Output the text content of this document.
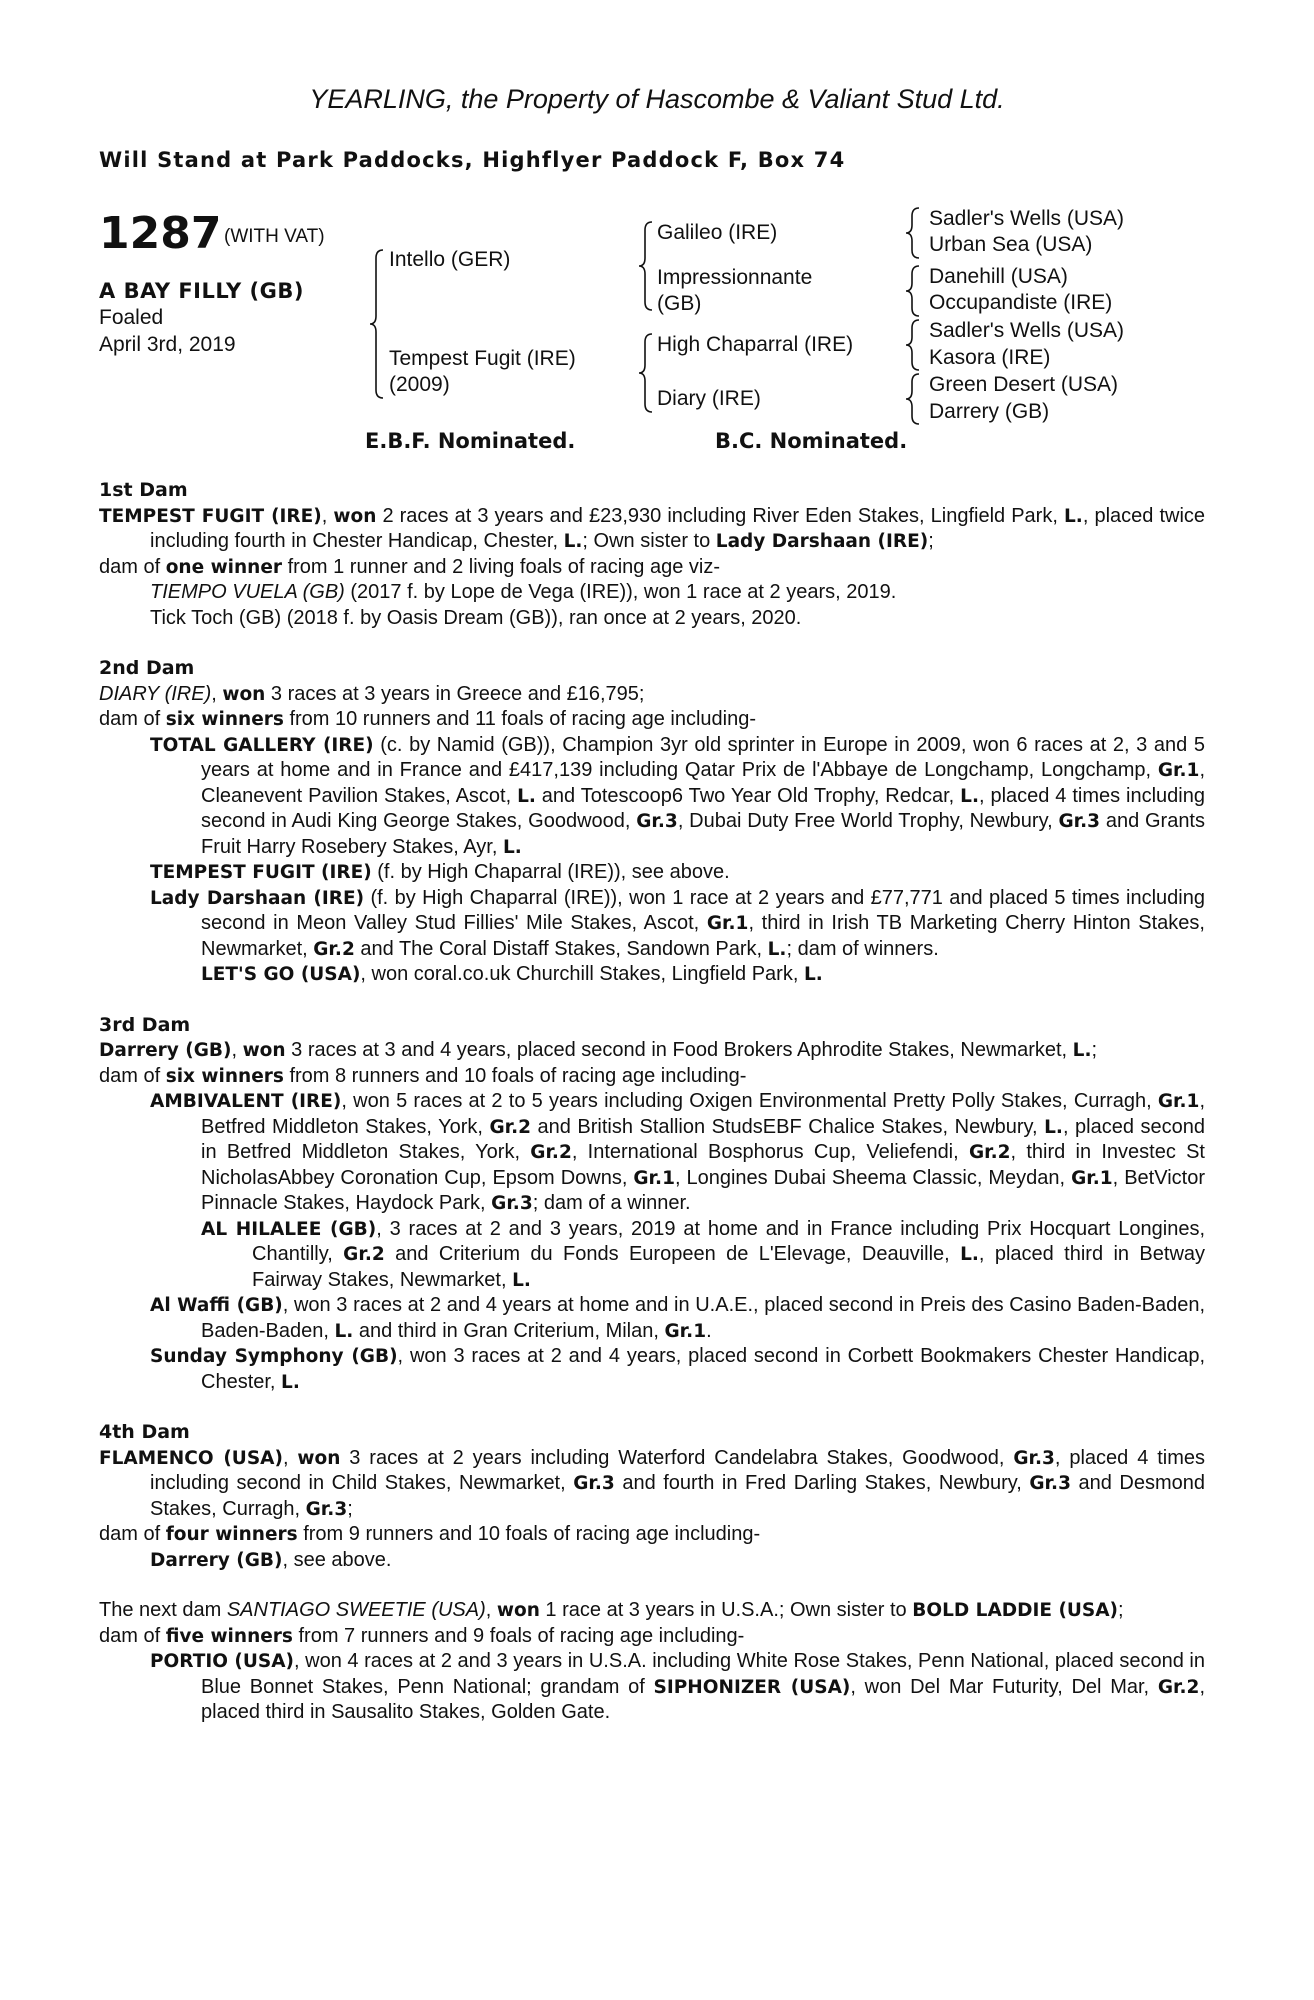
YEARLING, the Property of Hascombe & Valiant Stud Ltd.
Will Stand at Park Paddocks, Highflyer Paddock F, Box 74
1287 (WITH VAT)
A BAY FILLY (GB)
Foaled
April 3rd, 2019
Intello (GER)
Tempest Fugit (IRE)
(2009)
Galileo (IRE)
Impressionnante
(GB)
High Chaparral (IRE)
Diary (IRE)
Sadler's Wells (USA)
Urban Sea (USA)
Danehill (USA)
Occupandiste (IRE)
Sadler's Wells (USA)
Kasora (IRE)
Green Desert (USA)
Darrery (GB)
E.B.F. Nominated.	B.C. Nominated.
1st Dam
TEMPEST FUGIT (IRE), won 2 races at 3 years and £23,930 including River Eden Stakes, Lingfield Park, L., placed twice including fourth in Chester Handicap, Chester, L.; Own sister to Lady Darshaan (IRE);
dam of one winner from 1 runner and 2 living foals of racing age viz-
TIEMPO VUELA (GB) (2017 f. by Lope de Vega (IRE)), won 1 race at 2 years, 2019.
Tick Toch (GB) (2018 f. by Oasis Dream (GB)), ran once at 2 years, 2020.
2nd Dam
DIARY (IRE), won 3 races at 3 years in Greece and £16,795;
dam of six winners from 10 runners and 11 foals of racing age including-
TOTAL GALLERY (IRE) (c. by Namid (GB)), Champion 3yr old sprinter in Europe in 2009, won 6 races at 2, 3 and 5 years at home and in France and £417,139 including Qatar Prix de l'Abbaye de Longchamp, Longchamp, Gr.1, Cleanevent Pavilion Stakes, Ascot, L. and Totescoop6 Two Year Old Trophy, Redcar, L., placed 4 times including second in Audi King George Stakes, Goodwood, Gr.3, Dubai Duty Free World Trophy, Newbury, Gr.3 and Grants Fruit Harry Rosebery Stakes, Ayr, L.
TEMPEST FUGIT (IRE) (f. by High Chaparral (IRE)), see above.
Lady Darshaan (IRE) (f. by High Chaparral (IRE)), won 1 race at 2 years and £77,771 and placed 5 times including second in Meon Valley Stud Fillies' Mile Stakes, Ascot, Gr.1, third in Irish TB Marketing Cherry Hinton Stakes, Newmarket, Gr.2 and The Coral Distaff Stakes, Sandown Park, L.; dam of winners.
LET'S GO (USA), won coral.co.uk Churchill Stakes, Lingfield Park, L.
3rd Dam
Darrery (GB), won 3 races at 3 and 4 years, placed second in Food Brokers Aphrodite Stakes, Newmarket, L.;
dam of six winners from 8 runners and 10 foals of racing age including-
AMBIVALENT (IRE), won 5 races at 2 to 5 years including Oxigen Environmental Pretty Polly Stakes, Curragh, Gr.1, Betfred Middleton Stakes, York, Gr.2 and British Stallion StudsEBF Chalice Stakes, Newbury, L., placed second in Betfred Middleton Stakes, York, Gr.2, International Bosphorus Cup, Veliefendi, Gr.2, third in Investec St NicholasAbbey Coronation Cup, Epsom Downs, Gr.1, Longines Dubai Sheema Classic, Meydan, Gr.1, BetVictor Pinnacle Stakes, Haydock Park, Gr.3; dam of a winner.
AL HILALEE (GB), 3 races at 2 and 3 years, 2019 at home and in France including Prix Hocquart Longines, Chantilly, Gr.2 and Criterium du Fonds Europeen de L'Elevage, Deauville, L., placed third in Betway Fairway Stakes, Newmarket, L.
Al Waffi (GB), won 3 races at 2 and 4 years at home and in U.A.E., placed second in Preis des Casino Baden-Baden, Baden-Baden, L. and third in Gran Criterium, Milan, Gr.1.
Sunday Symphony (GB), won 3 races at 2 and 4 years, placed second in Corbett Bookmakers Chester Handicap, Chester, L.
4th Dam
FLAMENCO (USA), won 3 races at 2 years including Waterford Candelabra Stakes, Goodwood, Gr.3, placed 4 times including second in Child Stakes, Newmarket, Gr.3 and fourth in Fred Darling Stakes, Newbury, Gr.3 and Desmond Stakes, Curragh, Gr.3;
dam of four winners from 9 runners and 10 foals of racing age including-
Darrery (GB), see above.
The next dam SANTIAGO SWEETIE (USA), won 1 race at 3 years in U.S.A.; Own sister to BOLD LADDIE (USA);
dam of five winners from 7 runners and 9 foals of racing age including-
PORTIO (USA), won 4 races at 2 and 3 years in U.S.A. including White Rose Stakes, Penn National, placed second in Blue Bonnet Stakes, Penn National; grandam of SIPHONIZER (USA), won Del Mar Futurity, Del Mar, Gr.2, placed third in Sausalito Stakes, Golden Gate.
